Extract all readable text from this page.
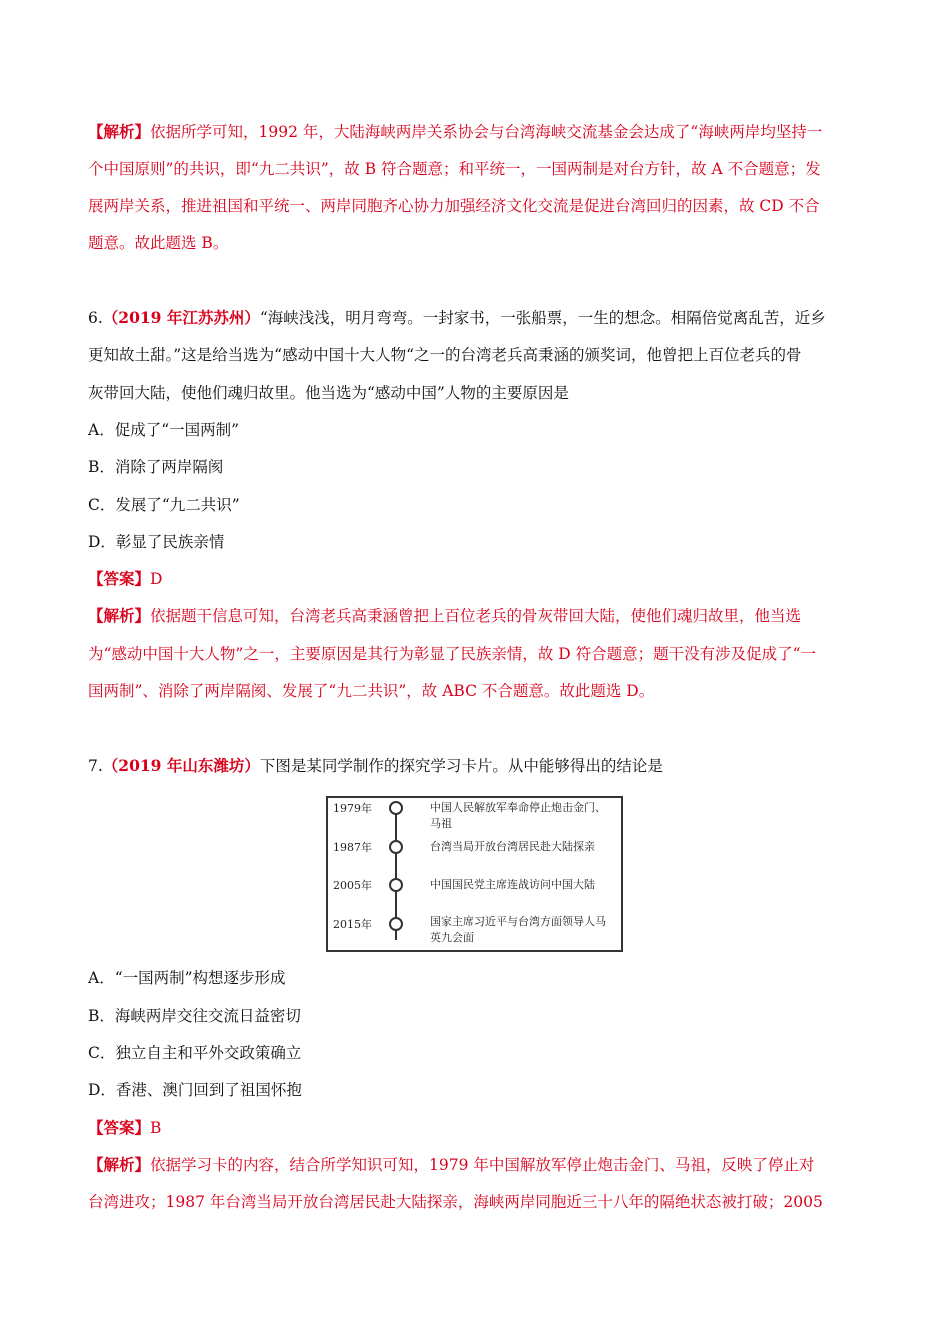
【解析】依据所学可知，1992 年，大陆海峡两岸关系协会与台湾海峡交流基金会达成了“海峡两岸均坚持一
个中国原则”的共识，即“九二共识”，故 B 符合题意；和平统一，一国两制是对台方针，故 A 不合题意；发
展两岸关系，推进祖国和平统一、两岸同胞齐心协力加强经济文化交流是促进台湾回归的因素，故 CD 不合
题意。故此题选 B。
6.（2019 年江苏苏州）“海峡浅浅，明月弯弯。一封家书，一张船票，一生的想念。相隔倍觉离乱苦，近乡
更知故土甜。”这是给当选为“感动中国十大人物“之一的台湾老兵高秉涵的颁奖词，他曾把上百位老兵的骨
灰带回大陆，使他们魂归故里。他当选为“感动中国”人物的主要原因是
A．促成了“一国两制”
B．消除了两岸隔阂
C．发展了“九二共识”
D．彰显了民族亲情
【答案】D
【解析】依据题干信息可知，台湾老兵高秉涵曾把上百位老兵的骨灰带回大陆，使他们魂归故里，他当选
为“感动中国十大人物”之一，主要原因是其行为彰显了民族亲情，故 D 符合题意；题干没有涉及促成了“一
国两制”、消除了两岸隔阂、发展了“九二共识”，故 ABC 不合题意。故此题选 D。
7.（2019 年山东潍坊）下图是某同学制作的探究学习卡片。从中能够得出的结论是
1979年	中国人民解放军奉命停止炮击金门、马祖
1987年	台湾当局开放台湾居民赴大陆探亲
2005年	中国国民党主席连战访问中国大陆
2015年	国家主席习近平与台湾方面领导人马英九会面
A．“一国两制”构想逐步形成
B．海峡两岸交往交流日益密切
C．独立自主和平外交政策确立
D．香港、澳门回到了祖国怀抱
【答案】B
【解析】依据学习卡的内容，结合所学知识可知，1979 年中国解放军停止炮击金门、马祖，反映了停止对
台湾进攻；1987 年台湾当局开放台湾居民赴大陆探亲，海峡两岸同胞近三十八年的隔绝状态被打破；2005
